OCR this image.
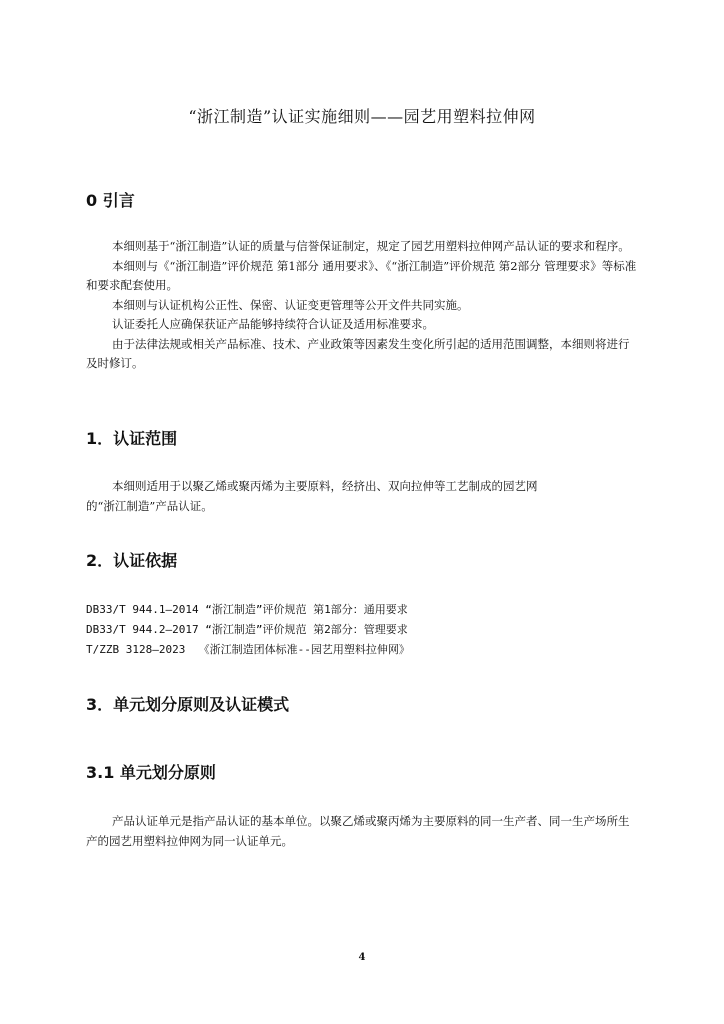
“浙江制造”认证实施细则——园艺用塑料拉伸网
0 引言

本细则基于“浙江制造”认证的质量与信誉保证制定，规定了园艺用塑料拉伸网产品认证的要求和程序。

本细则与《“浙江制造”评价规范 第1部分 通用要求》、《“浙江制造”评价规范 第2部分 管理要求》等标准和要求配套使用。

本细则与认证机构公正性、保密、认证变更管理等公开文件共同实施。

认证委托人应确保获证产品能够持续符合认证及适用标准要求。

由于法律法规或相关产品标准、技术、产业政策等因素发生变化所引起的适用范围调整，本细则将进行及时修订。

1．认证范围

本细则适用于以聚乙烯或聚丙烯为主要原料，经挤出、双向拉伸等工艺制成的园艺网

的“浙江制造”产品认证。

2．认证依据
DB33/T 944.1—2014 “浙江制造”评价规范 第1部分：通用要求
DB33/T 944.2—2017 “浙江制造”评价规范 第2部分：管理要求
T/ZZB 3128—2023  《浙江制造团体标准--园艺用塑料拉伸网》
3．单元划分原则及认证模式
3.1 单元划分原则

产品认证单元是指产品认证的基本单位。以聚乙烯或聚丙烯为主要原料的同一生产者、同一生产场所生产的园艺用塑料拉伸网为同一认证单元。

4
